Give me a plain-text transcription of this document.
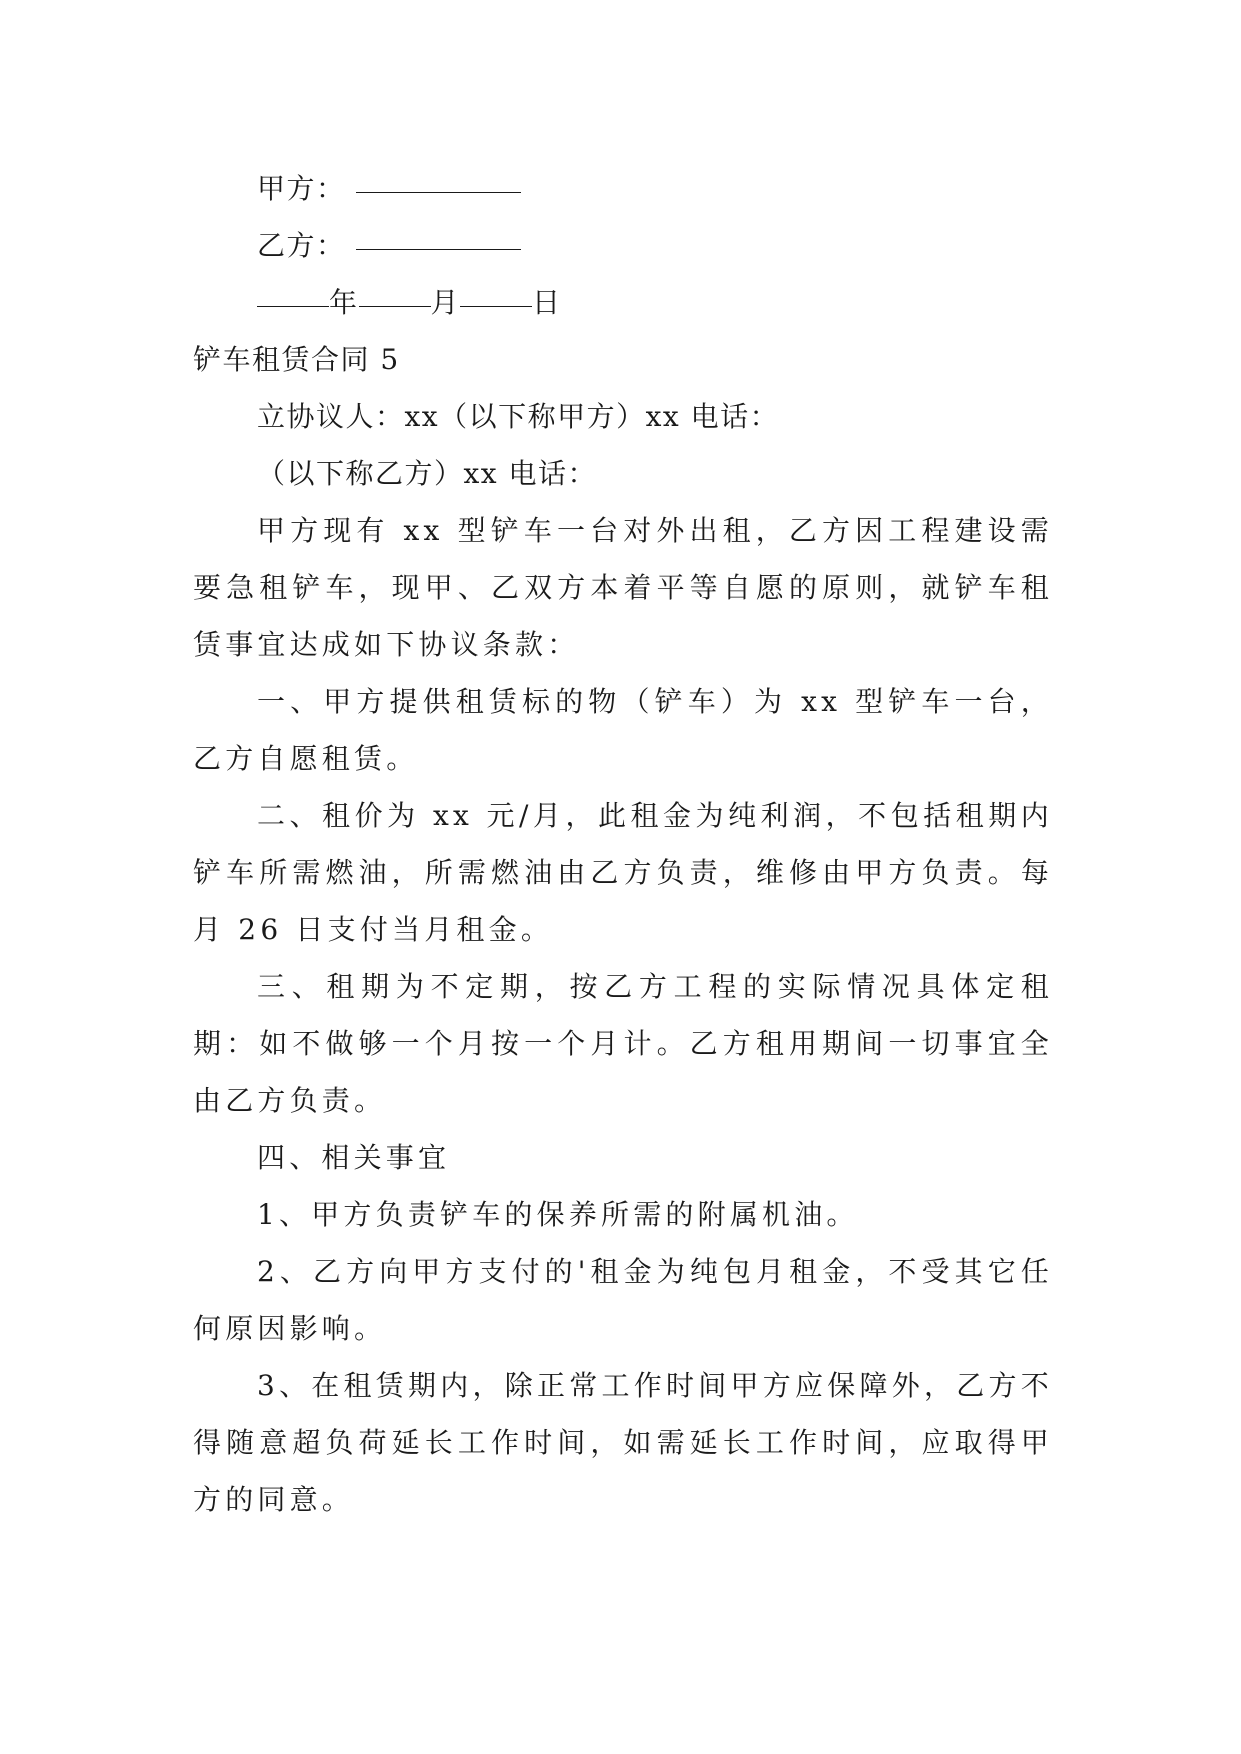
甲方：
乙方：
年	月	日
铲车租赁合同 5
立协议人：xx（以下称甲方）xx 电话：
（以下称乙方）xx 电话：

甲方现有 xx 型铲车一台对外出租，乙方因工程建设需要急租铲车，现甲、乙双方本着平等自愿的原则，就铲车租赁事宜达成如下协议条款：

一、甲方提供租赁标的物（铲车）为 xx 型铲车一台，乙方自愿租赁。

二、租价为 xx 元/月，此租金为纯利润，不包括租期内铲车所需燃油，所需燃油由乙方负责，维修由甲方负责。每月 26 日支付当月租金。

三、租期为不定期，按乙方工程的实际情况具体定租期：如不做够一个月按一个月计。乙方租用期间一切事宜全由乙方负责。

四、相关事宜

1、甲方负责铲车的保养所需的附属机油。

2、乙方向甲方支付的'租金为纯包月租金，不受其它任何原因影响。

3、在租赁期内，除正常工作时间甲方应保障外，乙方不得随意超负荷延长工作时间，如需延长工作时间，应取得甲方的同意。
